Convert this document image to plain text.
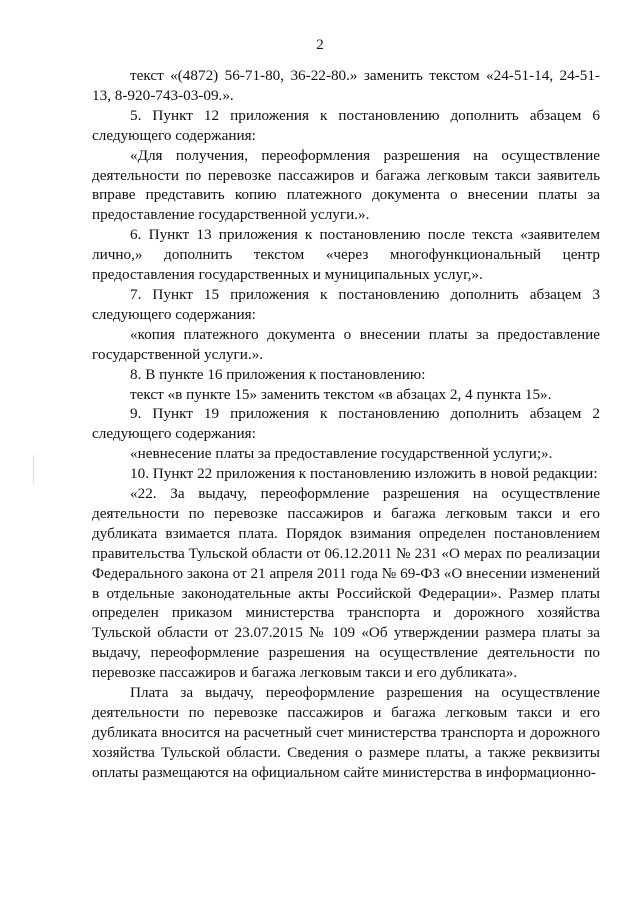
2

текст «(4872) 56-71-80, 36-22-80.» заменить текстом «24-51-14, 24-51-13, 8-920-743-03-09.».

5. Пункт 12 приложения к постановлению дополнить абзацем 6 следующего содержания:

«Для получения, переоформления разрешения на осуществление деятельности по перевозке пассажиров и багажа легковым такси заявитель вправе представить копию платежного документа о внесении платы за предоставление государственной услуги.».

6. Пункт 13 приложения к постановлению после текста «заявителем лично,» дополнить текстом «через многофункциональный центр предоставления государственных и муниципальных услуг,».

7. Пункт 15 приложения к постановлению дополнить абзацем 3 следующего содержания:

«копия платежного документа о внесении платы за предоставление государственной услуги.».

8. В пункте 16 приложения к постановлению:

текст «в пункте 15» заменить текстом «в абзацах 2, 4 пункта 15».

9. Пункт 19 приложения к постановлению дополнить абзацем 2 следующего содержания:

«невнесение платы за предоставление государственной услуги;».

10. Пункт 22 приложения к постановлению изложить в новой редакции:

«22. За выдачу, переоформление разрешения на осуществление деятельности по перевозке пассажиров и багажа легковым такси и его дубликата взимается плата. Порядок взимания определен постановлением правительства Тульской области от 06.12.2011 № 231 «О мерах по реализации Федерального закона от 21 апреля 2011 года № 69-ФЗ «О внесении изменений в отдельные законодательные акты Российской Федерации». Размер платы определен приказом министерства транспорта и дорожного хозяйства Тульской области от 23.07.2015 № 109 «Об утверждении размера платы за выдачу, переоформление разрешения на осуществление деятельности по перевозке пассажиров и багажа легковым такси и его дубликата».

Плата за выдачу, переоформление разрешения на осуществление деятельности по перевозке пассажиров и багажа легковым такси и его дубликата вносится на расчетный счет министерства транспорта и дорожного хозяйства Тульской области. Сведения о размере платы, а также реквизиты оплаты размещаются на официальном сайте министерства в информационно-
